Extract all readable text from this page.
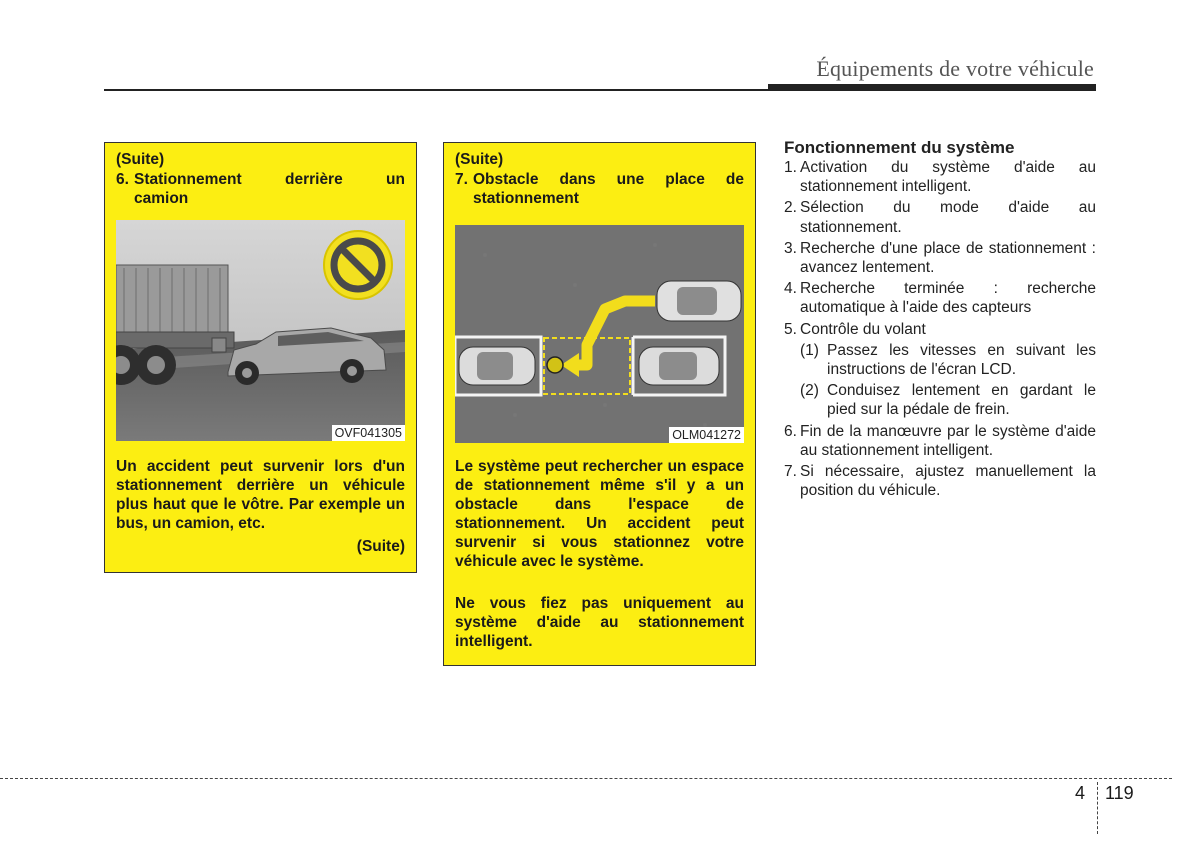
Équipements de votre véhicule
(Suite)
6. Stationnement derrière un
camion
OVF041305
Un accident peut survenir lors d'un stationnement derrière un véhicule plus haut que le vôtre. Par exemple un bus, un camion, etc.
(Suite)
(Suite)
7. Obstacle dans une place de
stationnement
OLM041272
Le système peut rechercher un espace de stationnement même s'il y a un obstacle dans l'espace de stationnement. Un accident peut survenir si vous stationnez votre véhicule avec le système.
Ne vous fiez pas uniquement au système d'aide au stationnement intelligent.
Fonctionnement du système
1. Activation du système d'aide au stationnement intelligent.
2. Sélection du mode d'aide au stationnement.
3. Recherche d'une place de stationnement : avancez lentement.
4. Recherche terminée : recherche automatique à l'aide des capteurs
5. Contrôle du volant
(1) Passez les vitesses en suivant les instructions de l'écran LCD.
(2) Conduisez lentement en gardant le pied sur la pédale de frein.
6. Fin de la manœuvre par le système d'aide au stationnement intelligent.
7. Si nécessaire, ajustez manuellement la position du véhicule.
4 119
